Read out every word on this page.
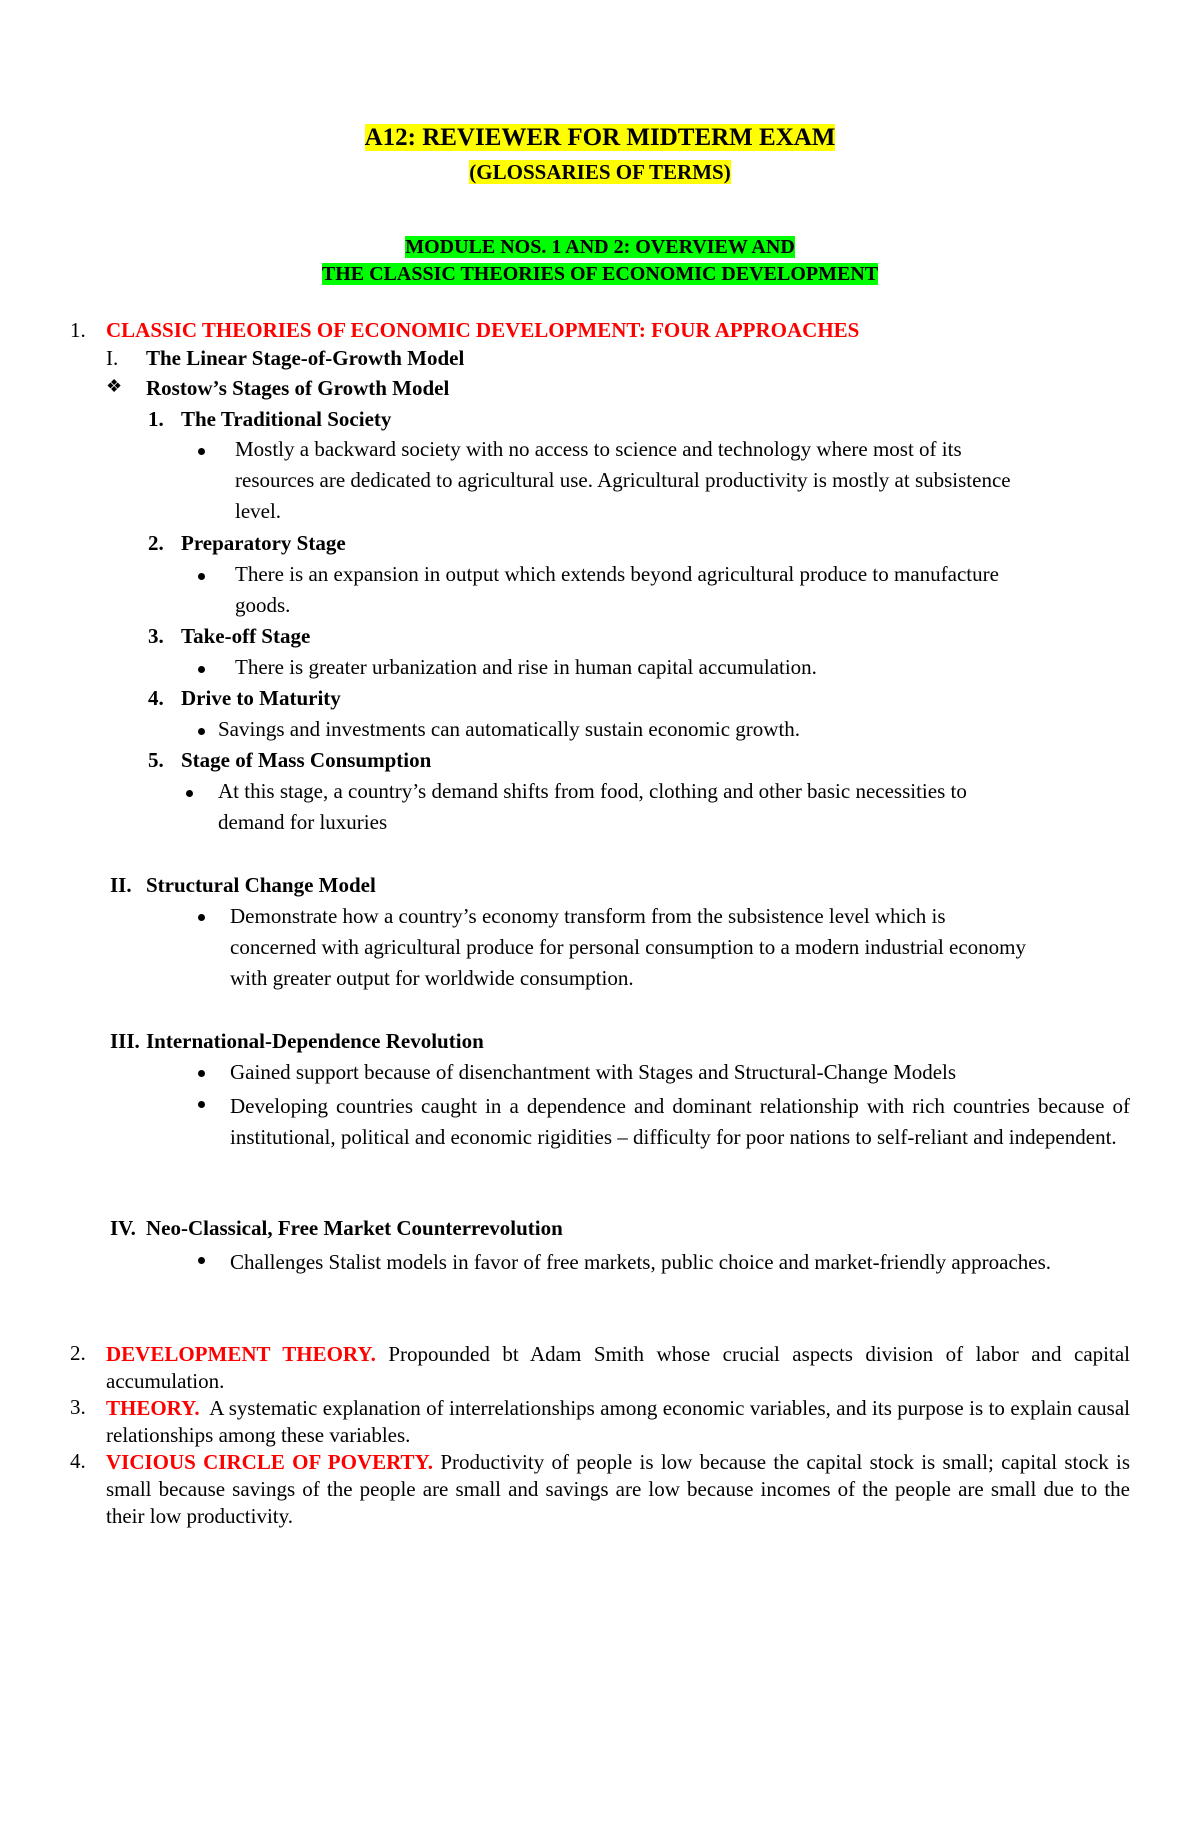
A12: REVIEWER FOR MIDTERM EXAM
(GLOSSARIES OF TERMS)
MODULE NOS. 1 AND 2: OVERVIEW AND
THE CLASSIC THEORIES OF ECONOMIC DEVELOPMENT
1. CLASSIC THEORIES OF ECONOMIC DEVELOPMENT: FOUR APPROACHES
I. The Linear Stage-of-Growth Model
❖ Rostow’s Stages of Growth Model
1. The Traditional Society
Mostly a backward society with no access to science and technology where most of its
resources are dedicated to agricultural use. Agricultural productivity is mostly at subsistence
level.
2. Preparatory Stage
There is an expansion in output which extends beyond agricultural produce to manufacture
goods.
3. Take-off Stage
There is greater urbanization and rise in human capital accumulation.
4. Drive to Maturity
Savings and investments can automatically sustain economic growth.
5. Stage of Mass Consumption
At this stage, a country’s demand shifts from food, clothing and other basic necessities to
demand for luxuries
II. Structural Change Model
Demonstrate how a country’s economy transform from the subsistence level which is
concerned with agricultural produce for personal consumption to a modern industrial economy
with greater output for worldwide consumption.
III. International-Dependence Revolution
Gained support because of disenchantment with Stages and Structural-Change Models
Developing countries caught in a dependence and dominant relationship with rich countries because of institutional, political and economic rigidities – difficulty for poor nations to self-reliant and independent.
IV. Neo-Classical, Free Market Counterrevolution
Challenges Stalist models in favor of free markets, public choice and market-friendly approaches.
2. DEVELOPMENT THEORY. Propounded bt Adam Smith whose crucial aspects division of labor and capital accumulation.
3. THEORY. A systematic explanation of interrelationships among economic variables, and its purpose is to explain causal relationships among these variables.
4. VICIOUS CIRCLE OF POVERTY. Productivity of people is low because the capital stock is small; capital stock is small because savings of the people are small and savings are low because incomes of the people are small due to the their low productivity.
